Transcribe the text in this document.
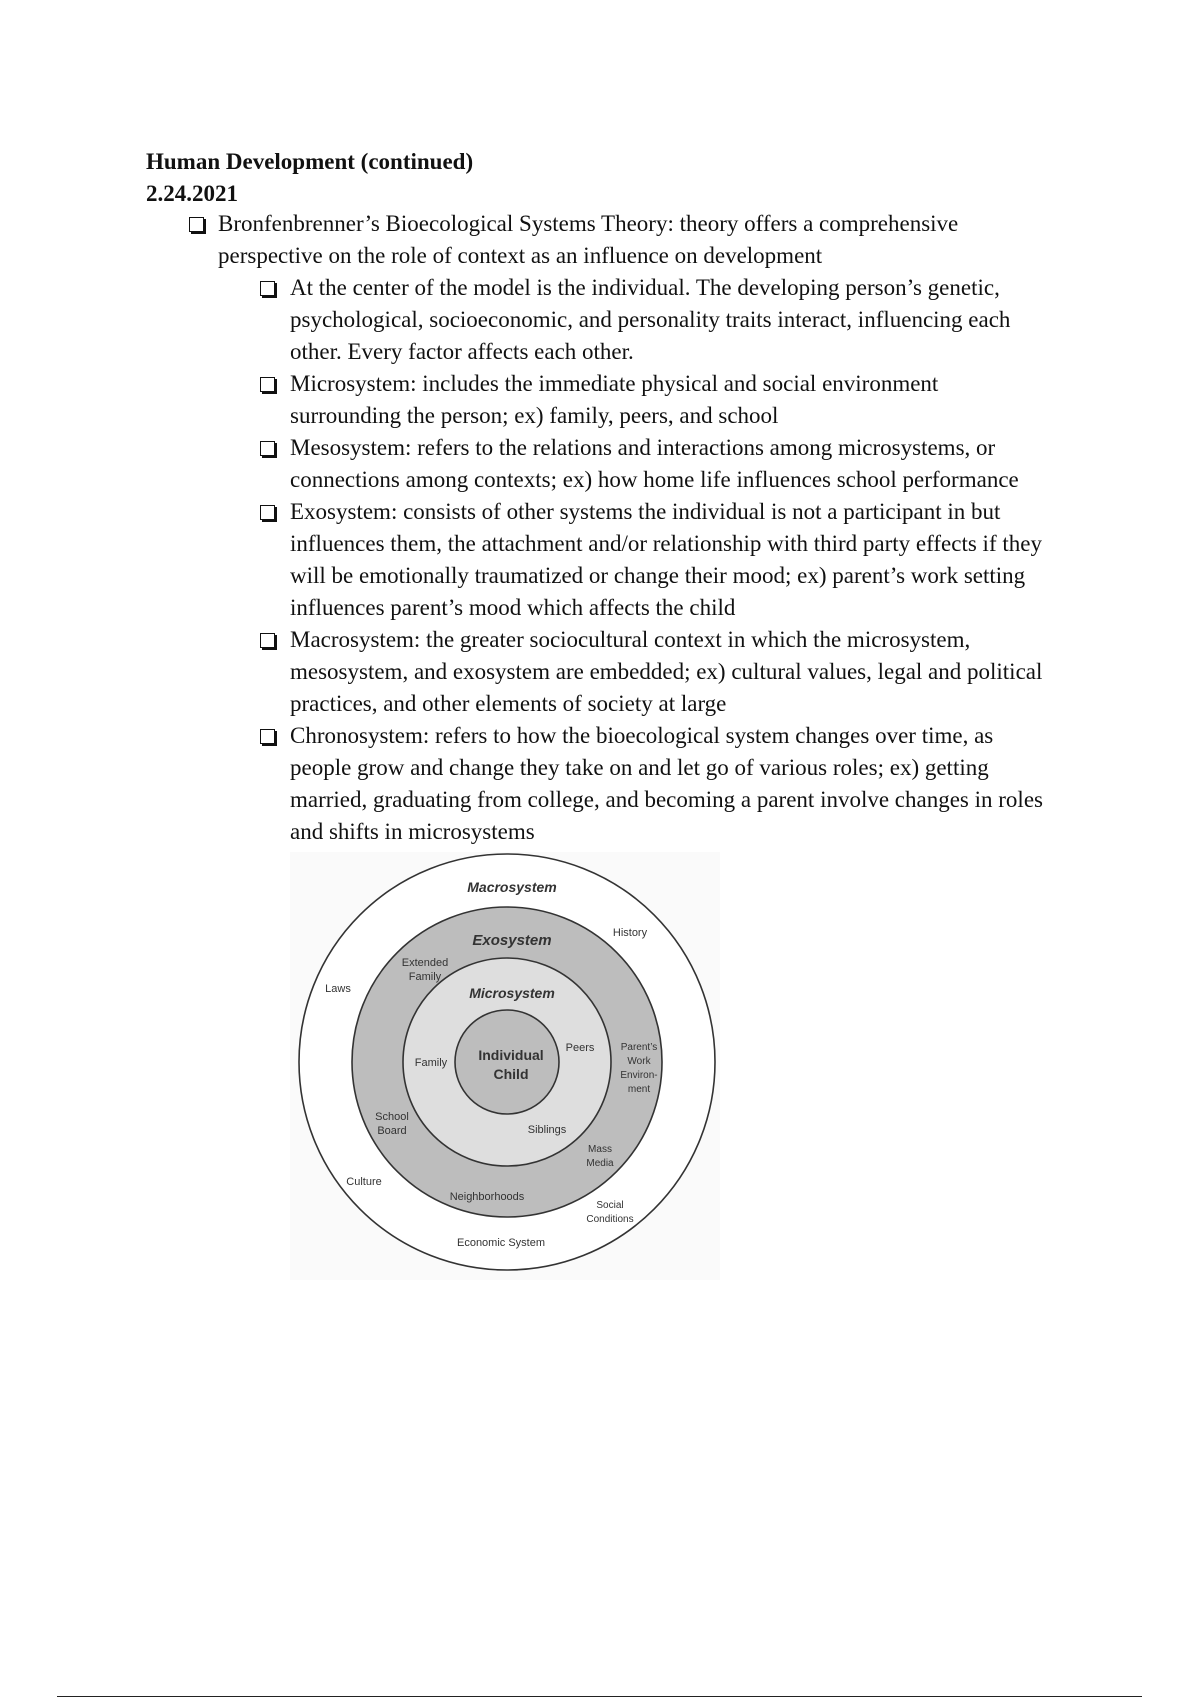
Human Development (continued)
2.24.2021
Bronfenbrenner’s Bioecological Systems Theory: theory offers a comprehensive
perspective on the role of context as an influence on development
At the center of the model is the individual. The developing person’s genetic,
psychological, socioeconomic, and personality traits interact, influencing each
other. Every factor affects each other.
Microsystem: includes the immediate physical and social environment
surrounding the person; ex) family, peers, and school
Mesosystem: refers to the relations and interactions among microsystems, or
connections among contexts; ex) how home life influences school performance
Exosystem: consists of other systems the individual is not a participant in but
influences them, the attachment and/or relationship with third party effects if they
will be emotionally traumatized or change their mood; ex) parent’s work setting
influences parent’s mood which affects the child
Macrosystem: the greater sociocultural context in which the microsystem,
mesosystem, and exosystem are embedded; ex) cultural values, legal and political
practices, and other elements of society at large
Chronosystem: refers to how the bioecological system changes over time, as
people grow and change they take on and let go of various roles; ex) getting
married, graduating from college, and becoming a parent involve changes in roles
and shifts in microsystems
Macrosystem
Exosystem
Microsystem
Individual
Child
History
Laws
Extended
Family
Family
Peers	Parent’s
Work
Environ-
ment
School
Board	Siblings
Mass
Media
Culture
Neighborhoods
Social
Conditions
Economic System
